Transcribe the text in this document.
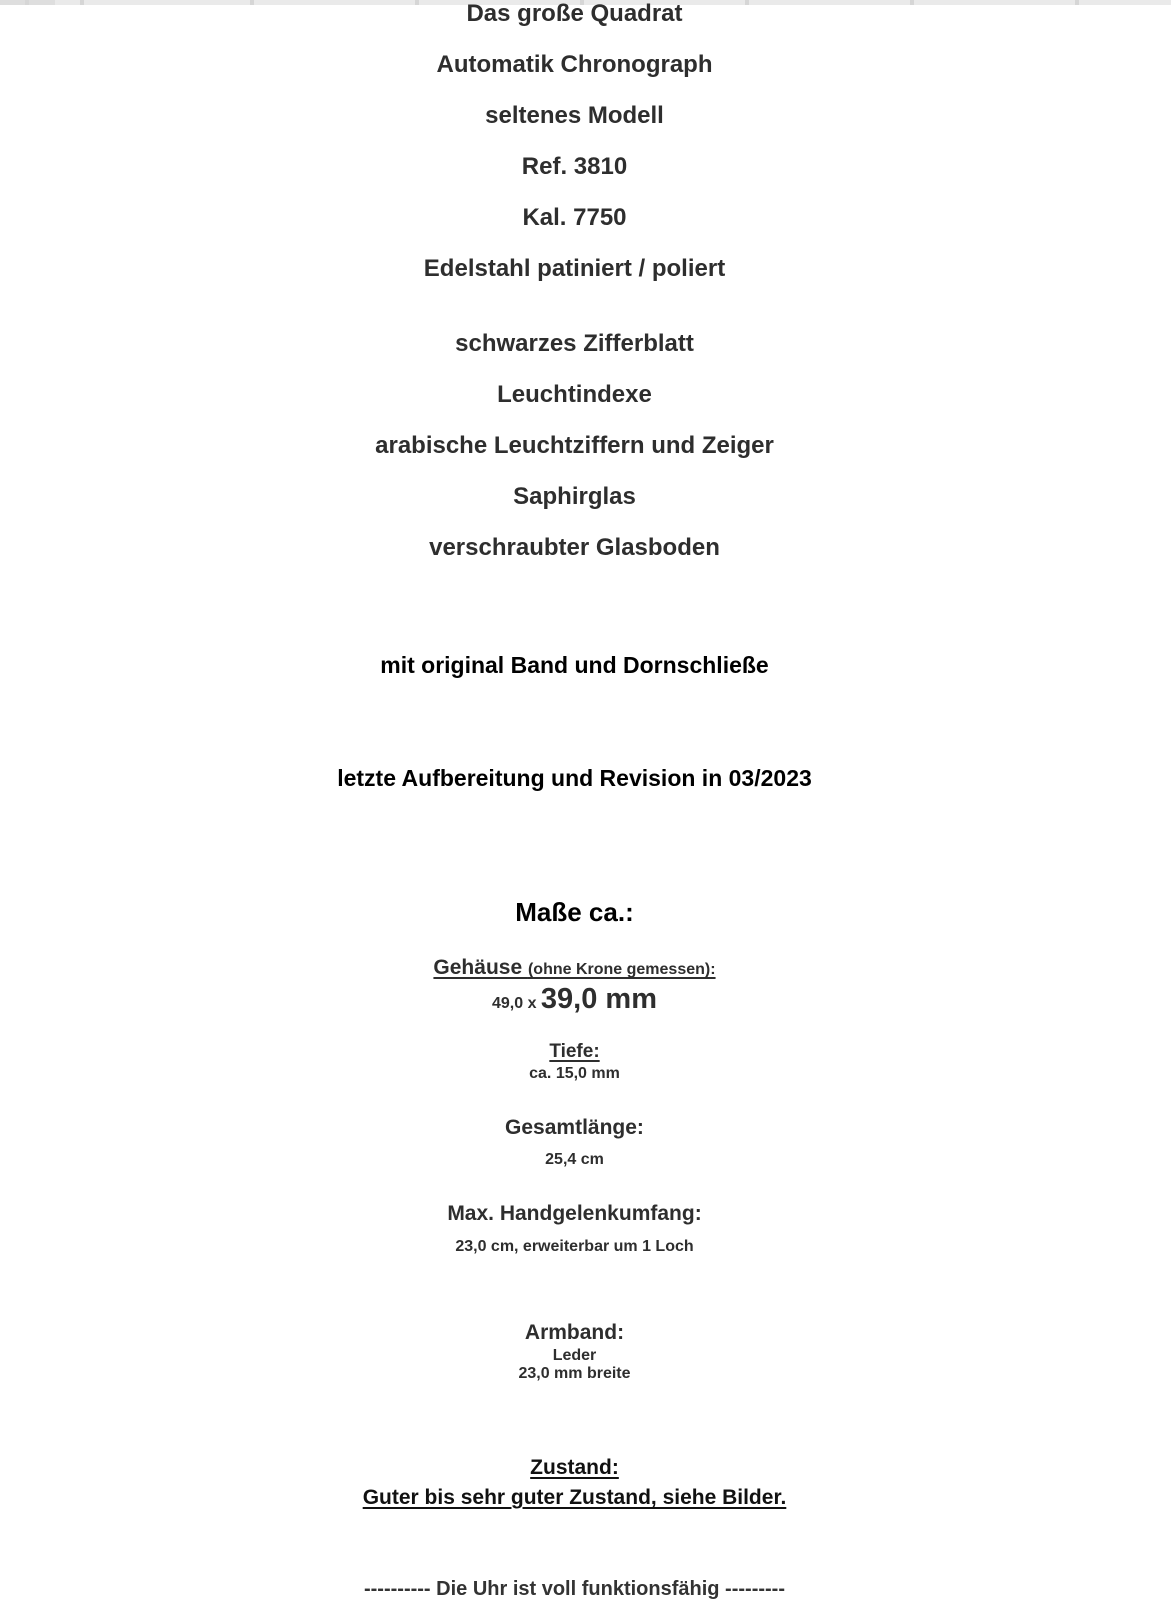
Das große Quadrat

Automatik Chronograph

seltenes Modell

Ref. 3810

Kal. 7750

Edelstahl patiniert / poliert

schwarzes Zifferblatt

Leuchtindexe

arabische Leuchtziffern und Zeiger

Saphirglas

verschraubter Glasboden

mit original Band und Dornschließe

letzte Aufbereitung und Revision in 03/2023

Maße ca.:

Gehäuse (ohne Krone gemessen):

49,0 x 39,0 mm

Tiefe:

ca. 15,0 mm

Gesamtlänge:

25,4 cm

Max. Handgelenkumfang:

23,0 cm, erweiterbar um 1 Loch

Armband:

Leder

23,0 mm breite

Zustand:

Guter bis sehr guter Zustand, siehe Bilder.

---------- Die Uhr ist voll funktionsfähig ---------
